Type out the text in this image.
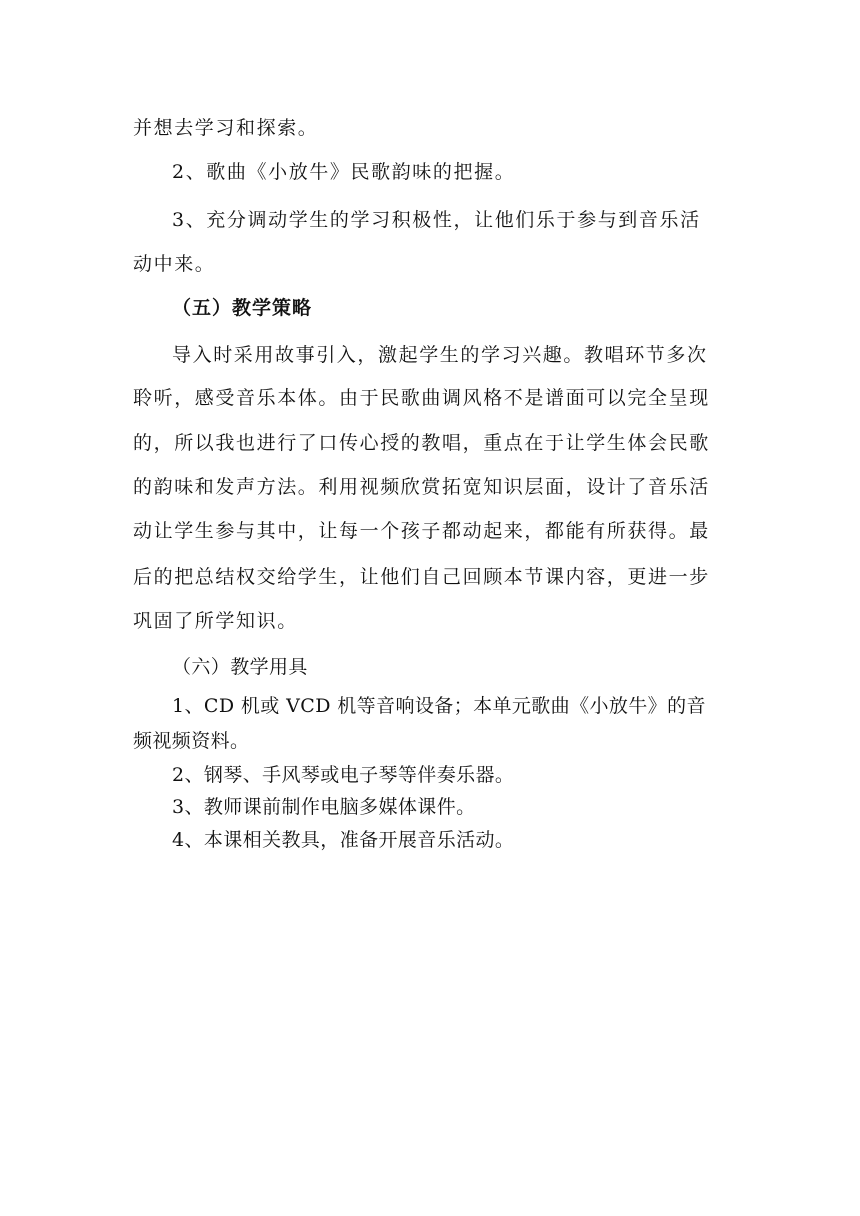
并想去学习和探索。

2、歌曲《小放牛》民歌韵味的把握。

3、充分调动学生的学习积极性，让他们乐于参与到音乐活

动中来。

（五）教学策略

导入时采用故事引入，激起学生的学习兴趣。教唱环节多次

聆听，感受音乐本体。由于民歌曲调风格不是谱面可以完全呈现

的，所以我也进行了口传心授的教唱，重点在于让学生体会民歌

的韵味和发声方法。利用视频欣赏拓宽知识层面，设计了音乐活

动让学生参与其中，让每一个孩子都动起来，都能有所获得。最

后的把总结权交给学生，让他们自己回顾本节课内容，更进一步

巩固了所学知识。

（六）教学用具

1、CD 机或 VCD 机等音响设备；本单元歌曲《小放牛》的音

频视频资料。

2、钢琴、手风琴或电子琴等伴奏乐器。

3、教师课前制作电脑多媒体课件。

4、本课相关教具，准备开展音乐活动。
